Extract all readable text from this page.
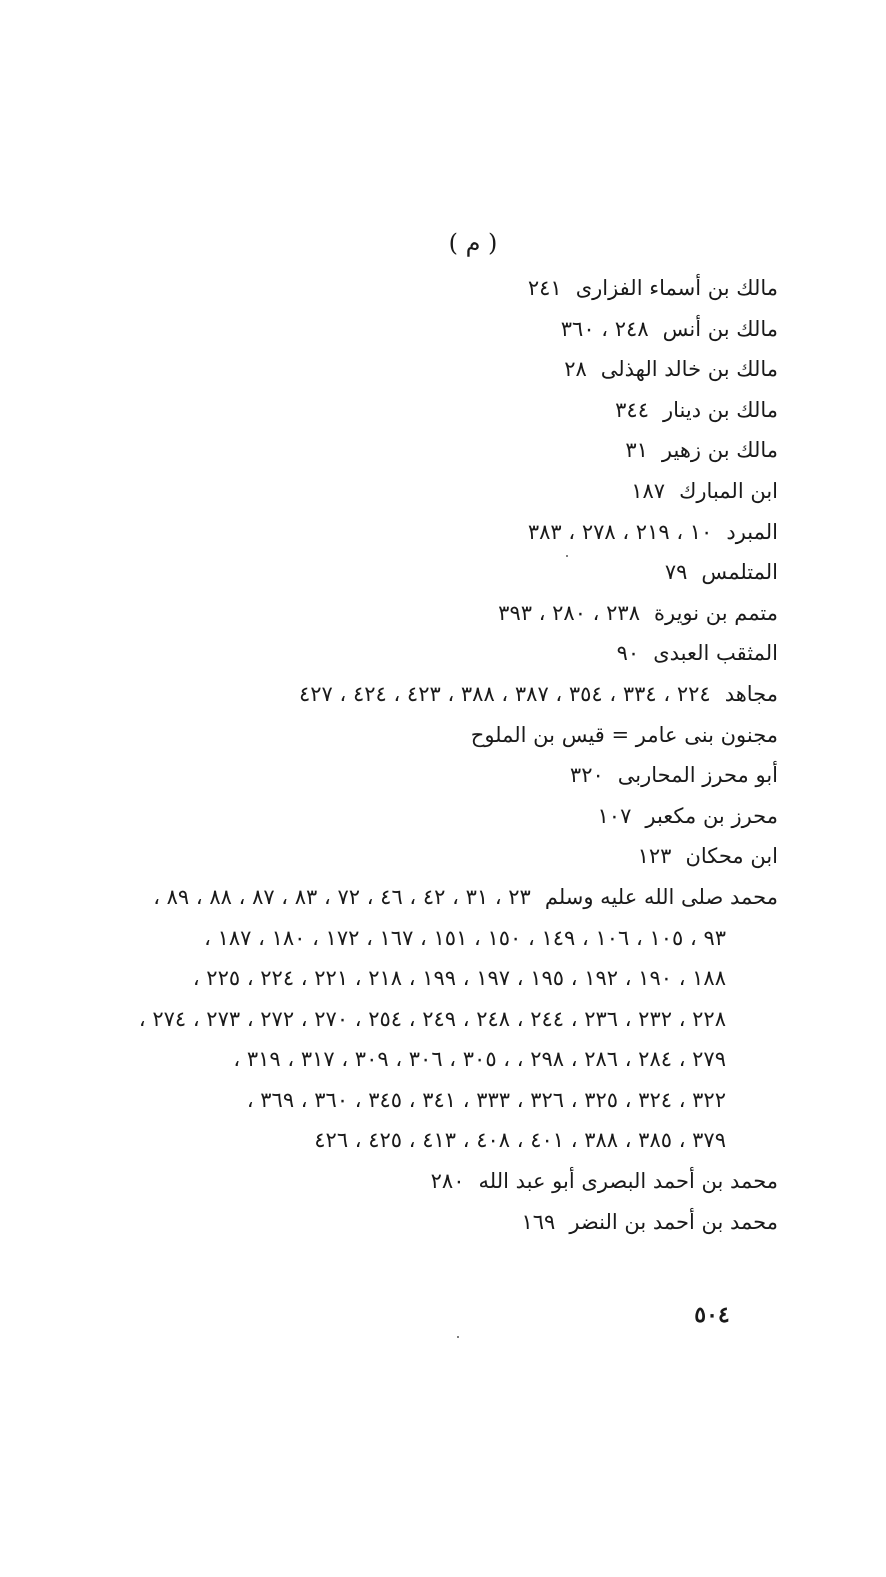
( م )
مالك بن أسماء الفزارى٢٤١
مالك بن أنس٢٤٨ ، ٣٦٠
مالك بن خالد الهذلى٢٨
مالك بن دينار٣٤٤
مالك بن زهير٣١
ابن المبارك١٨٧
المبرد١٠ ، ٢١٩ ، ٢٧٨ ، ٣٨٣
المتلمس٧٩
متمم بن نويرة٢٣٨ ، ٢٨٠ ، ٣٩٣
المثقب العبدى٩٠
مجاهد٢٢٤ ، ٣٣٤ ، ٣٥٤ ، ٣٨٧ ، ٣٨٨ ، ٤٢٣ ، ٤٢٤ ، ٤٢٧
مجنون بنى عامر = قيس بن الملوح
أبو محرز المحاربى٣٢٠
محرز بن مكعبر١٠٧
ابن محكان١٢٣
محمد صلى الله عليه وسلم٢٣ ، ٣١ ، ٤٢ ، ٤٦ ، ٧٢ ، ٨٣ ، ٨٧ ، ٨٨ ، ٨٩ ،
٩٣ ، ١٠٥ ، ١٠٦ ، ١٤٩ ، ١٥٠ ، ١٥١ ، ١٦٧ ، ١٧٢ ، ١٨٠ ، ١٨٧ ،
١٨٨ ، ١٩٠ ، ١٩٢ ، ١٩٥ ، ١٩٧ ، ١٩٩ ، ٢١٨ ، ٢٢١ ، ٢٢٤ ، ٢٢٥ ،
٢٢٨ ، ٢٣٢ ، ٢٣٦ ، ٢٤٤ ، ٢٤٨ ، ٢٤٩ ، ٢٥٤ ، ٢٧٠ ، ٢٧٢ ، ٢٧٣ ، ٢٧٤ ،
٢٧٩ ، ٢٨٤ ، ٢٨٦ ، ٢٩٨ ، ، ٣٠٥ ، ٣٠٦ ، ٣٠٩ ، ٣١٧ ، ٣١٩ ،
٣٢٢ ، ٣٢٤ ، ٣٢٥ ، ٣٢٦ ، ٣٣٣ ، ٣٤١ ، ٣٤٥ ، ٣٦٠ ، ٣٦٩ ،
٣٧٩ ، ٣٨٥ ، ٣٨٨ ، ٤٠١ ، ٤٠٨ ، ٤١٣ ، ٤٢٥ ، ٤٢٦
محمد بن أحمد البصرى أبو عبد الله٢٨٠
محمد بن أحمد بن النضر١٦٩
٥٠٤
